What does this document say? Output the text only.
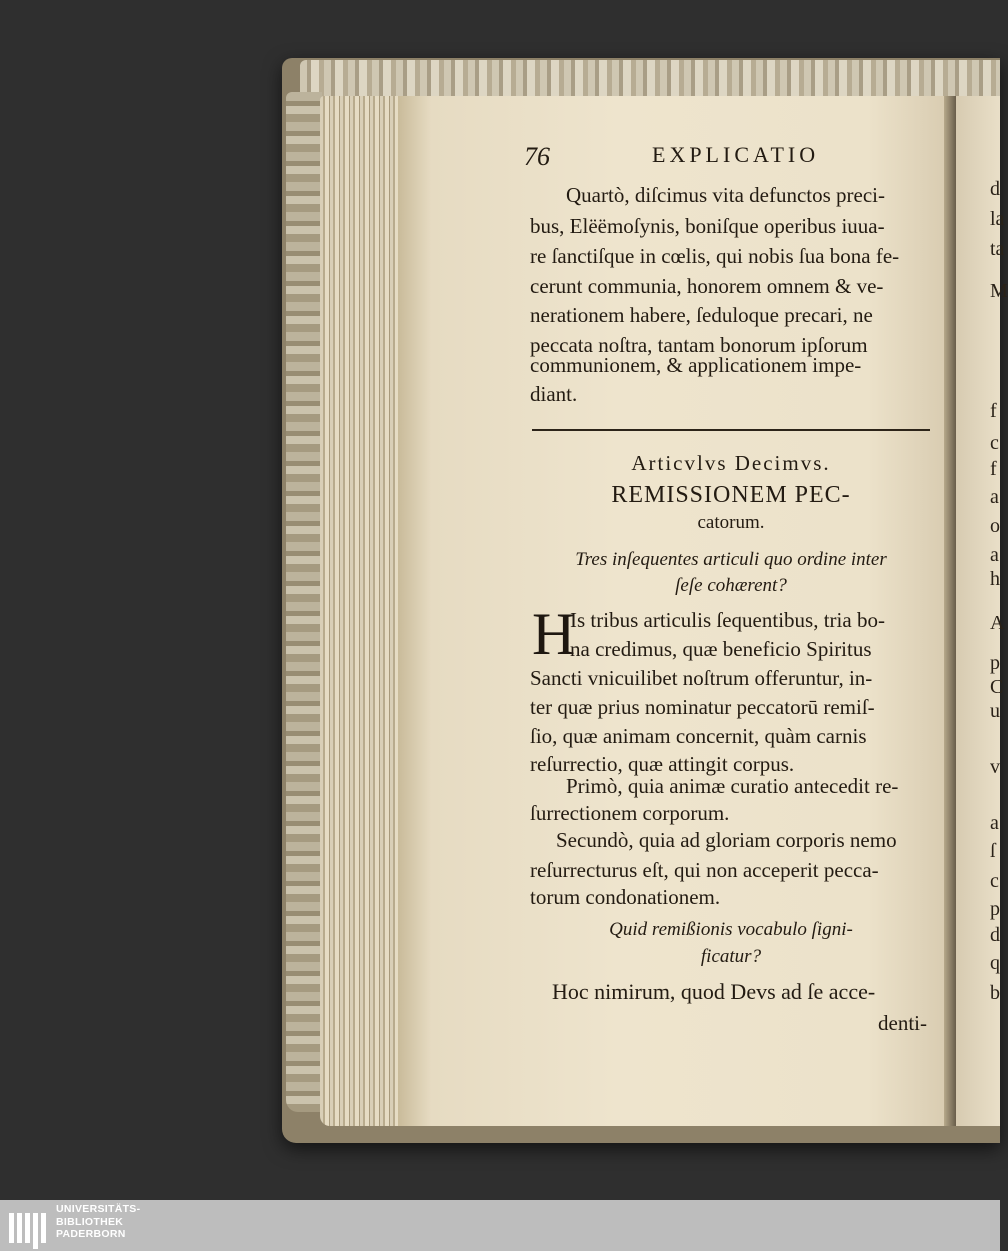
d
la
ta
M
f
c
f
a
o
a
h
A
p
C
u
v
a
ſ
c
p
d
q
b
76	EXPLICATIO
Quartò, diſcimus vita dеfunctos preci-
bus, Elëëmoſynis, boniſque operibus iuua-
re ſanctiſque in cœlis, qui nobis ſua bona fe-
cerunt communia, honorem omnem & ve-
nerationem habere, ſeduloque precari, ne
peccata noſtra, tantam bonorum ipſorum
communionem, & applicationem impe-
diant.
Articvlvs Decimvs.
REMISSIONEM PEC-
catorum.
Tres inſequentes articuli quo ordine inter
ſeſe cohærent?
H
Is tribus articulis ſequentibus, tria bo-
na credimus, quæ beneficio Spiritus
Sancti vnicuilibet noſtrum offeruntur, in-
ter quæ prius nominatur peccatorū remiſ-
ſio, quæ animam concernit, quàm carnis
reſurrectio, quæ attingit corpus.
Primò, quia animæ curatio antecedit re-
ſurrectionem corporum.
Secundò, quia ad gloriam corporis nemo
reſurrecturus eſt, qui non acceperit pecca-
torum condonationem.
Quid remißionis vocabulo ſigni-
ficatur?
Hoc nimirum, quod Devs ad ſe acce-
denti-
UNIVERSITÄTS-
BIBLIOTHEK
PADERBORN
